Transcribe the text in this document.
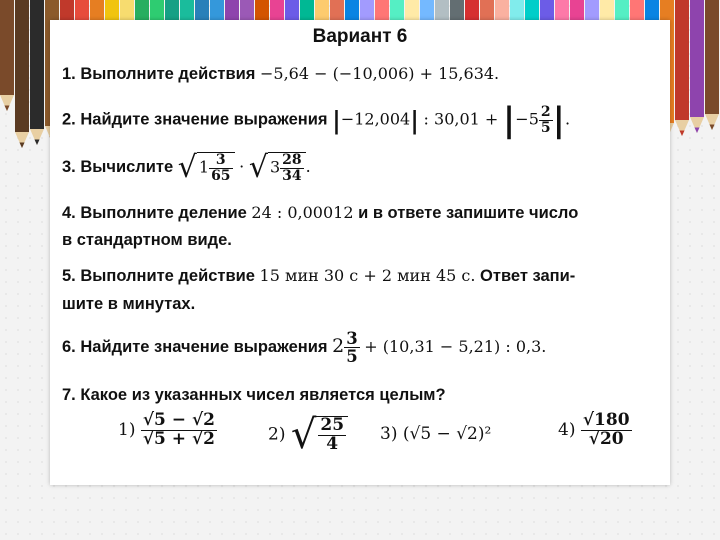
Вариант 6
1. Выполните действия −5,64 − (−10,006) + 15,634.
2. Найдите значение выражения |−12,004| : $30,01 + |-5 \frac{2}{5}$ |.
3. Вычислите √ $1 \frac{3}{65}$ · √ $3 \frac{28}{34}$ .
4. Выполните деление 24 : 0,00012 и в ответе запишите число
в стандартном виде.
5. Выполните действие 15 мин 30 с + 2 мин 45 с. Ответ запи-
шите в минутах.
6. Найдите значение выражения $2 \frac{3}{5} + (10,31 - 5,21)$ : 0,3.
7. Какое из указанных чисел является целым?
$1) \frac{√5 - √2}{√5 + √2}$	2) √ $\frac{25}{4} 3$) (√5 − √2)²	$4) \frac{√180}{√20}$
